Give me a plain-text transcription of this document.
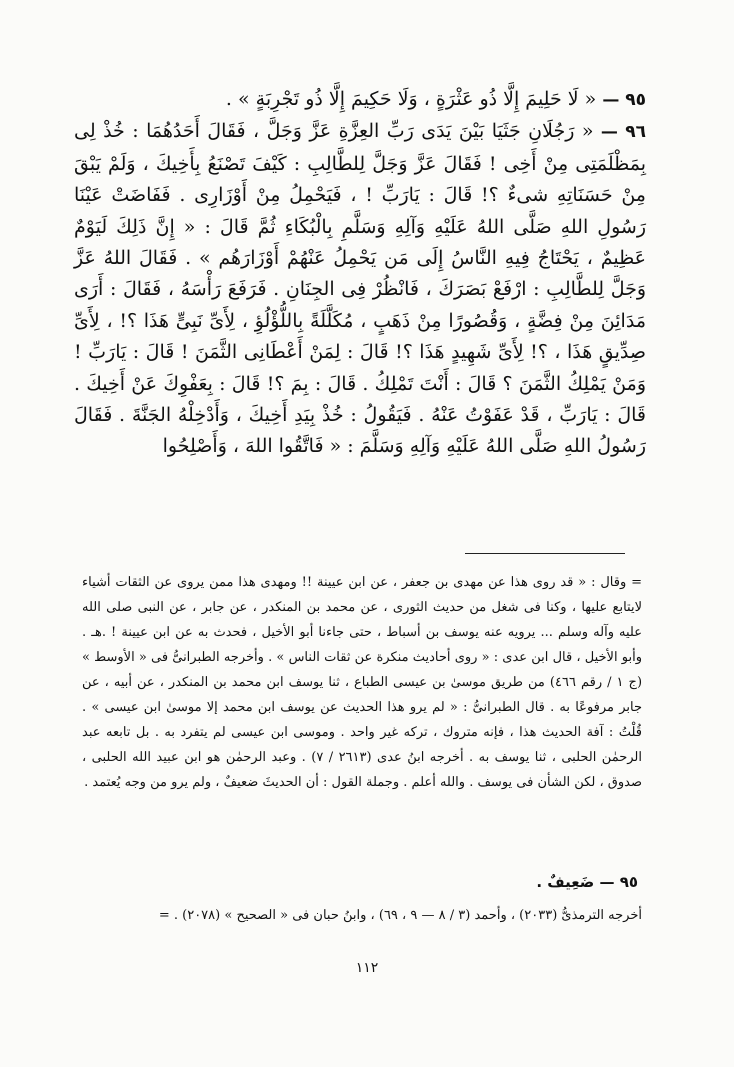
٩٥ — « لَا حَلِيمَ إِلَّا ذُو عَثْرَةٍ ، وَلَا حَكِيمَ إِلَّا ذُو تَجْرِبَةٍ » .

٩٦ — « رَجُلَانِ جَثَيَا بَيْنَ يَدَى رَبِّ العِزَّةِ عَزَّ وَجَلَّ ، فَقَالَ أَحَدُهُمَا : خُذْ لِى بِمَظْلَمَتِى مِنْ أَخِى ! فَقَالَ عَزَّ وَجَلَّ لِلطَّالِبِ : كَيْفَ تَصْنَعُ بِأَخِيكَ ، وَلَمْ يَبْقَ مِنْ حَسَنَاتِهِ شىءٌ ؟! قَالَ : يَارَبِّ ! ، فَيَحْمِلُ مِنْ أَوْزَارِى . فَفَاضَتْ عَيْنَا رَسُولِ اللهِ صَلَّى اللهُ عَلَيْهِ وَآلِهِ وَسَلَّمِ بِالْبُكَاءِ ثُمَّ قَالَ : « إِنَّ ذَلِكَ لَيَوْمٌ عَظِيمٌ ، يَحْتَاجُ فِيهِ النَّاسُ إِلَى مَن يَحْمِلُ عَنْهُمْ أَوْزَارَهُم » . فَقَالَ اللهُ عَزَّ وَجَلَّ لِلطَّالِبِ : ارْفَعْ بَصَرَكَ ، فَانْظُرْ فِى الجِنَانِ . فَرَفَعَ رَأْسَهُ ، فَقَالَ : أَرَى مَدَائِنَ مِنْ فِضَّةٍ ، وَقُصُورًا مِنْ ذَهَبٍ ، مُكَلَّلَةً بِاللُّؤْلُؤِ ، لِأَىِّ نَبِىٍّ هَذَا ؟! ، لِأَىِّ صِدِّيقٍ هَذَا ، ؟! لِأَىِّ شَهِيدٍ هَذَا ؟! قَالَ : لِمَنْ أَعْطَانِى الثَّمَنَ ! قَالَ : يَارَبِّ ! وَمَنْ يَمْلِكُ الثَّمَنَ ؟ قَالَ : أَنْتَ تَمْلِكُ . قَالَ : بِمَ ؟! قَالَ : بِعَفْوِكَ عَنْ أَخِيكَ . قَالَ : يَارَبِّ ، قَدْ عَفَوْتُ عَنْهُ . فَيَقُولُ : خُذْ بِيَدِ أَخِيكَ ، وَأَدْخِلْهُ الجَنَّةَ . فَقَالَ رَسُولُ اللهِ صَلَّى اللهُ عَلَيْهِ وَآلِهِ وَسَلَّمَ : « فَاتَّقُوا اللهَ ، وَأَصْلِحُوا

= وقال : « قد روى هذا عن مهدى بن جعفر ، عن ابن عيينة !! ومهدى هذا ممن يروى عن الثقات أشياء لايتابع عليها ، وكنا فى شغل من حديث الثورى ، عن محمد بن المنكدر ، عن جابر ، عن النبى صلى الله عليه وآله وسلم ... يرويه عنه يوسف بن أسباط ، حتى جاءنا أبو الأخيل ، فحدث به عن ابن عيينة ! .هـ . وأبو الأخيل ، قال ابن عدى : « روى أحاديث منكرة عن ثقات الناس » . وأخرجه الطبرانىُّ فى « الأوسط » (ج ١ / رقم ٤٦٦) من طريق موسىٰ بن عيسى الطباع ، ثنا يوسف ابن محمد بن المنكدر ، عن أبيه ، عن جابر مرفوعًا به . قال الطبرانىُّ : « لم يرو هذا الحديث عن يوسف ابن محمد إلا موسىٰ ابن عيسى » . قُلْتُ : آفة الحديث هذا ، فإنه متروك ، تركه غير واحد . وموسى ابن عيسى لم يتفرد به . بل تابعه عبد الرحمٰن الحلبى ، ثنا يوسف به . أخرجه ابنُ عدى (٢٦١٣ / ٧) . وعبد الرحمٰن هو ابن عبيد الله الحلبى ، صدوق ، لكن الشأن فى يوسف . والله أعلم . وجملة القول : أن الحديثَ ضعيفٌ ، ولم يرو من وجه يُعتمد .

٩٥ — ضَعِيفٌ .
أخرجه الترمذىُّ (٢٠٣٣) ، وأحمد (٣ / ٨ — ٩ ، ٦٩) ، وابنُ حبان فى « الصحيح » (٢٠٧٨) . =
١١٢
